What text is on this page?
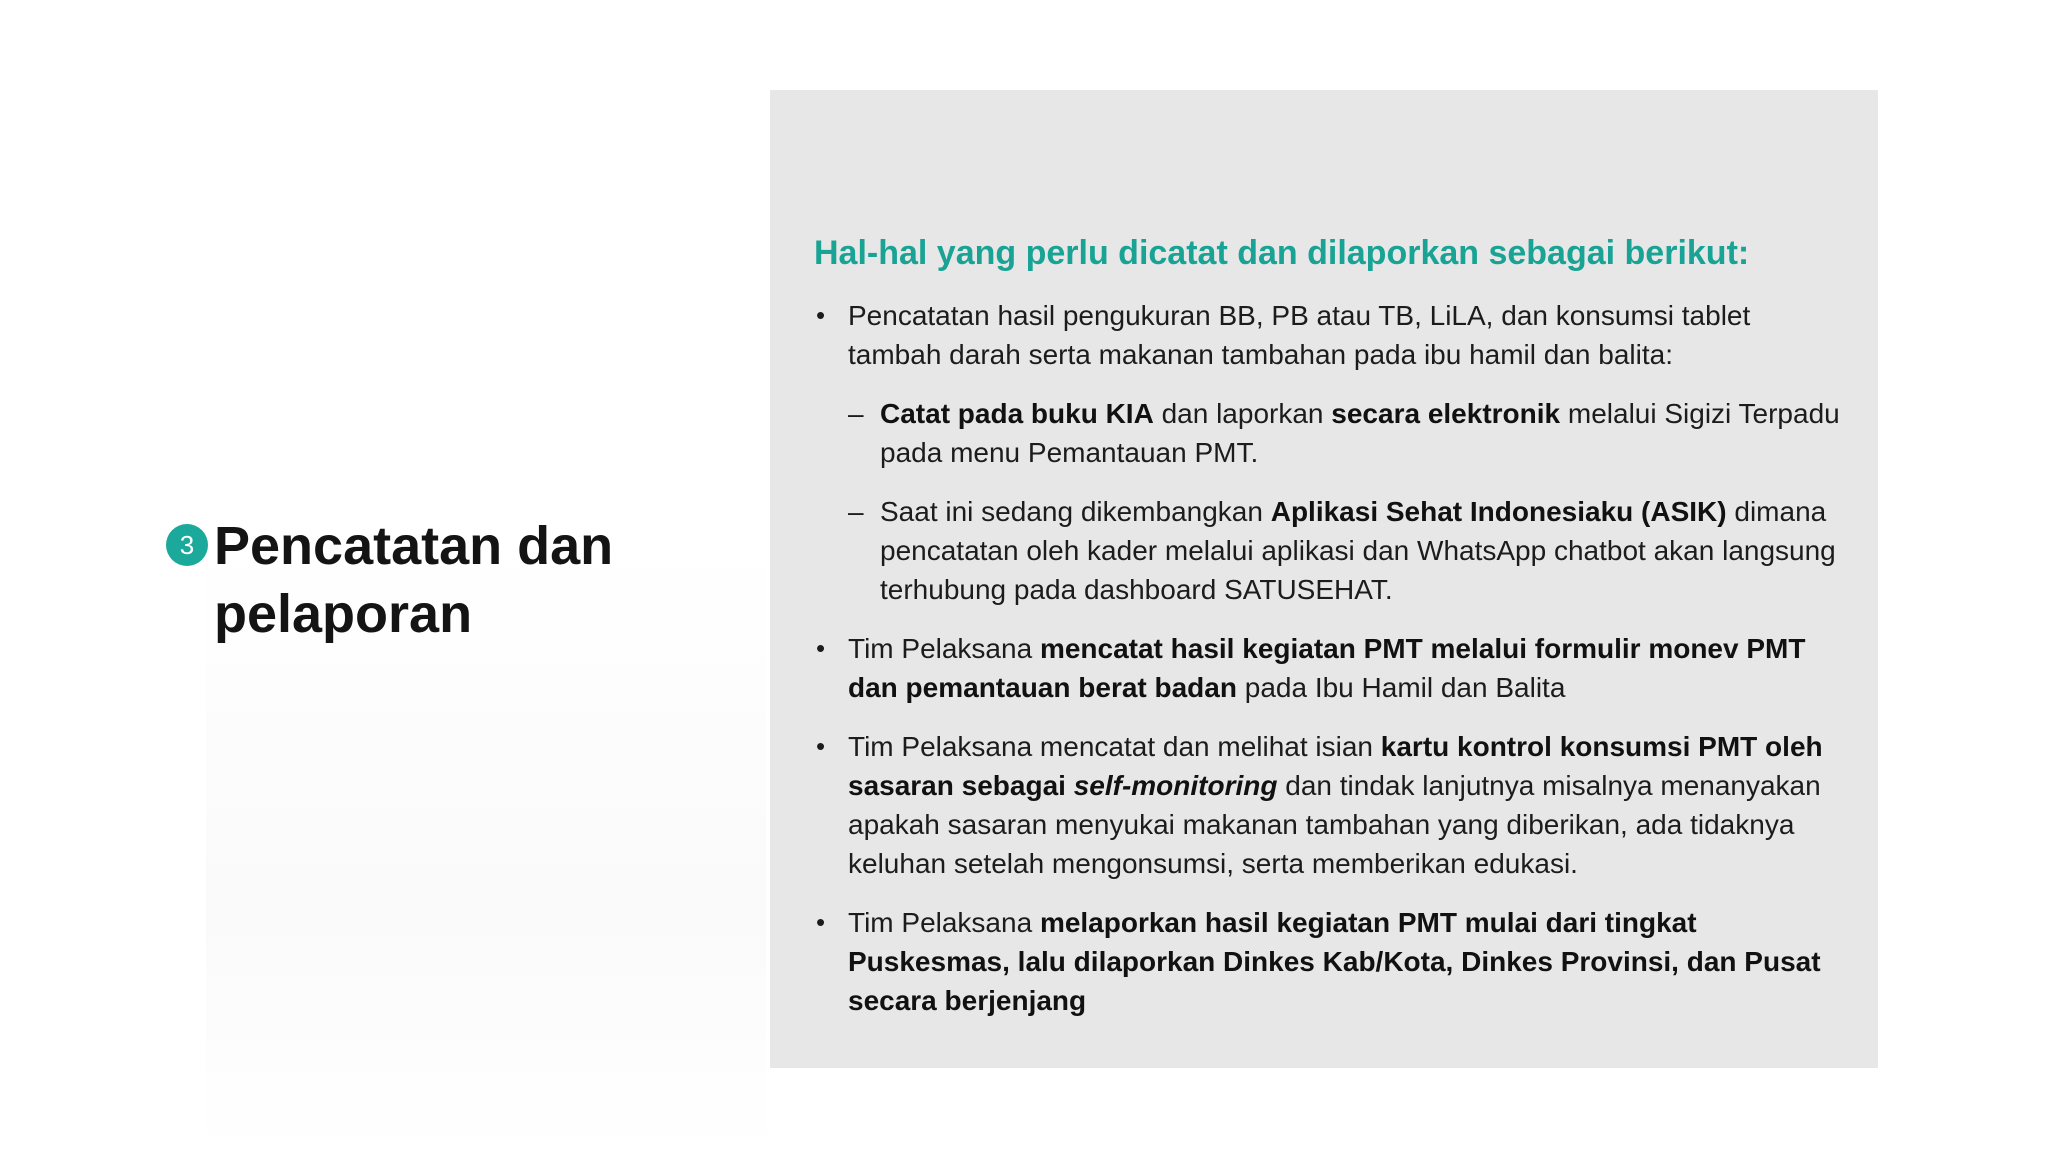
3 Pencatatan dan pelaporan
Hal-hal yang perlu dicatat dan dilaporkan sebagai berikut:
• Pencatatan hasil pengukuran BB, PB atau TB, LiLA, dan konsumsi tablet tambah darah serta makanan tambahan pada ibu hamil dan balita:
– Catat pada buku KIA dan laporkan secara elektronik melalui Sigizi Terpadu pada menu Pemantauan PMT.
– Saat ini sedang dikembangkan Aplikasi Sehat Indonesiaku (ASIK) dimana pencatatan oleh kader melalui aplikasi dan WhatsApp chatbot akan langsung terhubung pada dashboard SATUSEHAT.
• Tim Pelaksana mencatat hasil kegiatan PMT melalui formulir monev PMT dan pemantauan berat badan pada Ibu Hamil dan Balita
• Tim Pelaksana mencatat dan melihat isian kartu kontrol konsumsi PMT oleh sasaran sebagai self-monitoring dan tindak lanjutnya misalnya menanyakan apakah sasaran menyukai makanan tambahan yang diberikan, ada tidaknya keluhan setelah mengonsumsi, serta memberikan edukasi.
• Tim Pelaksana melaporkan hasil kegiatan PMT mulai dari tingkat Puskesmas, lalu dilaporkan Dinkes Kab/Kota, Dinkes Provinsi, dan Pusat secara berjenjang
